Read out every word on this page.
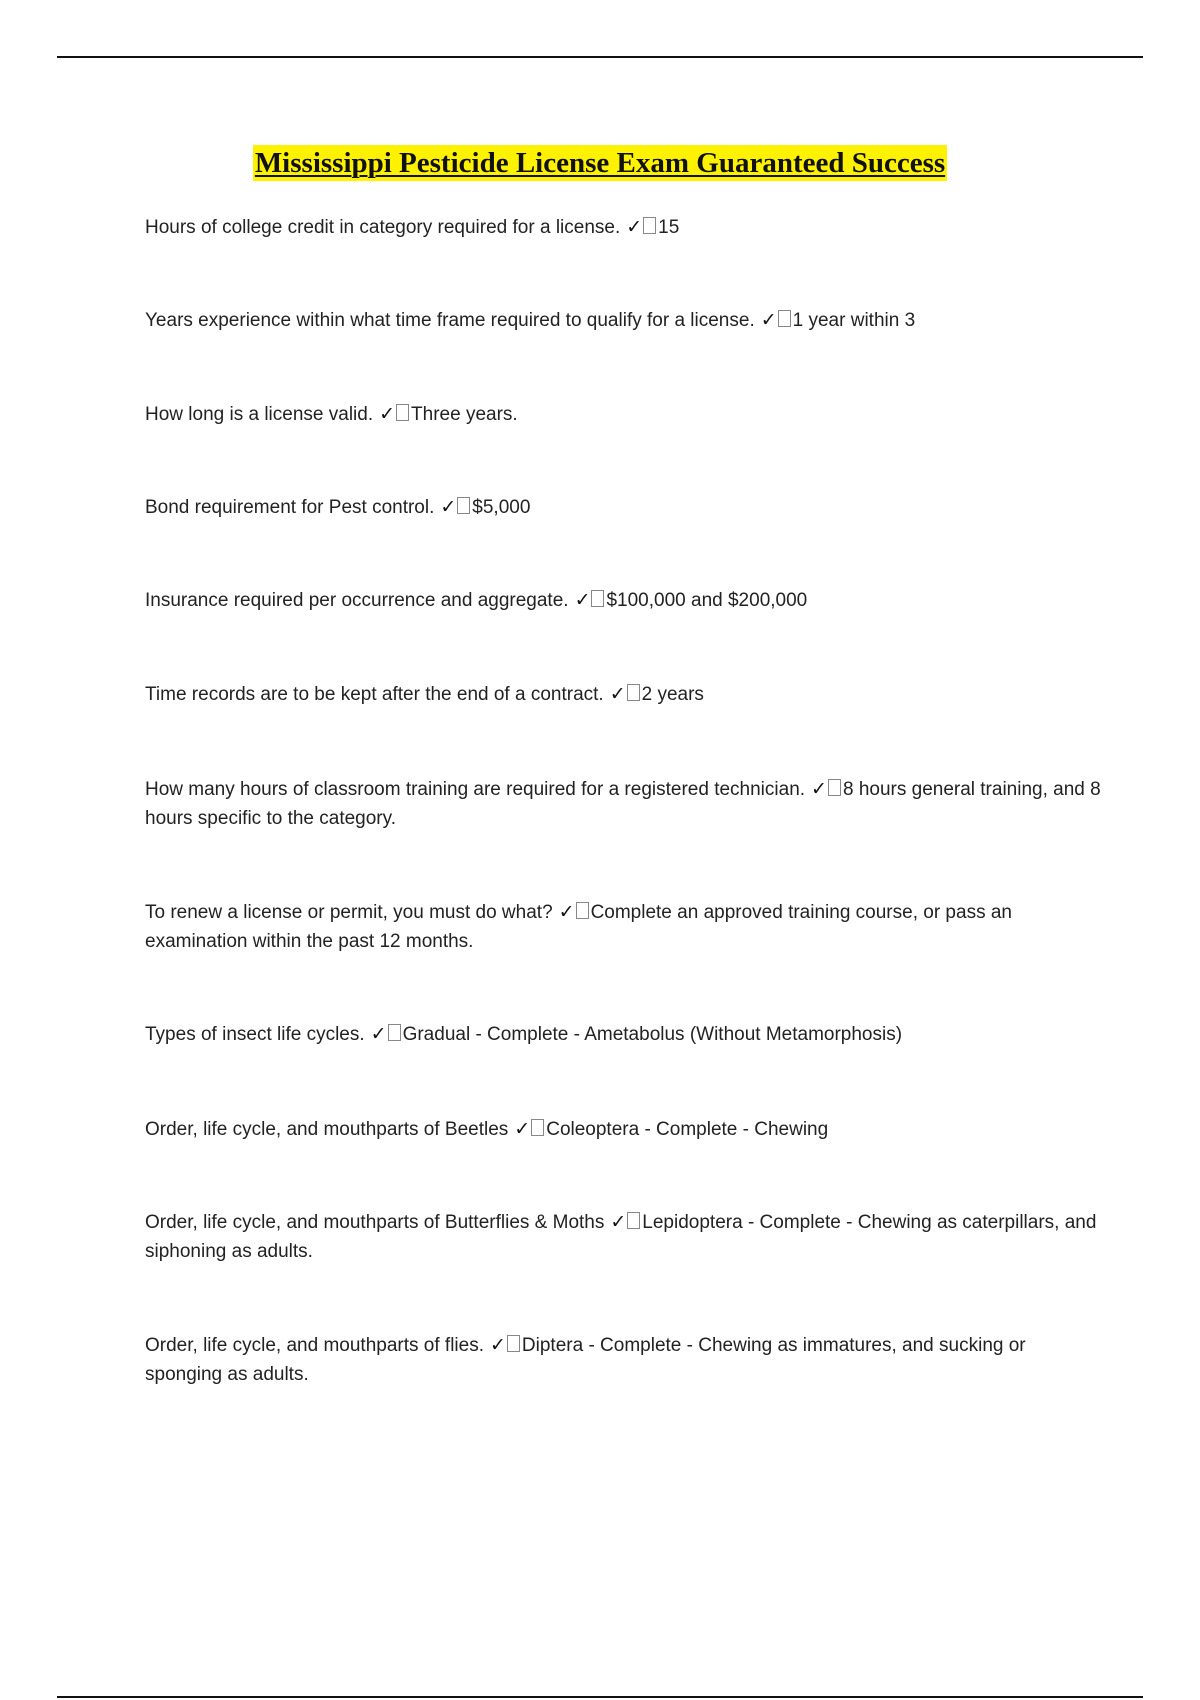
Mississippi Pesticide License Exam Guaranteed Success
Hours of college credit in category required for a license. ✓ 15
Years experience within what time frame required to qualify for a license. ✓ 1 year within 3
How long is a license valid. ✓ Three years.
Bond requirement for Pest control. ✓ $5,000
Insurance required per occurrence and aggregate. ✓ $100,000 and $200,000
Time records are to be kept after the end of a contract. ✓ 2 years
How many hours of classroom training are required for a registered technician. ✓ 8 hours general training, and 8 hours specific to the category.
To renew a license or permit, you must do what? ✓ Complete an approved training course, or pass an examination within the past 12 months.
Types of insect life cycles. ✓ Gradual - Complete - Ametabolus (Without Metamorphosis)
Order, life cycle, and mouthparts of Beetles ✓ Coleoptera - Complete - Chewing
Order, life cycle, and mouthparts of Butterflies & Moths ✓ Lepidoptera - Complete - Chewing as caterpillars, and siphoning as adults.
Order, life cycle, and mouthparts of flies. ✓ Diptera - Complete - Chewing as immatures, and sucking or sponging as adults.
